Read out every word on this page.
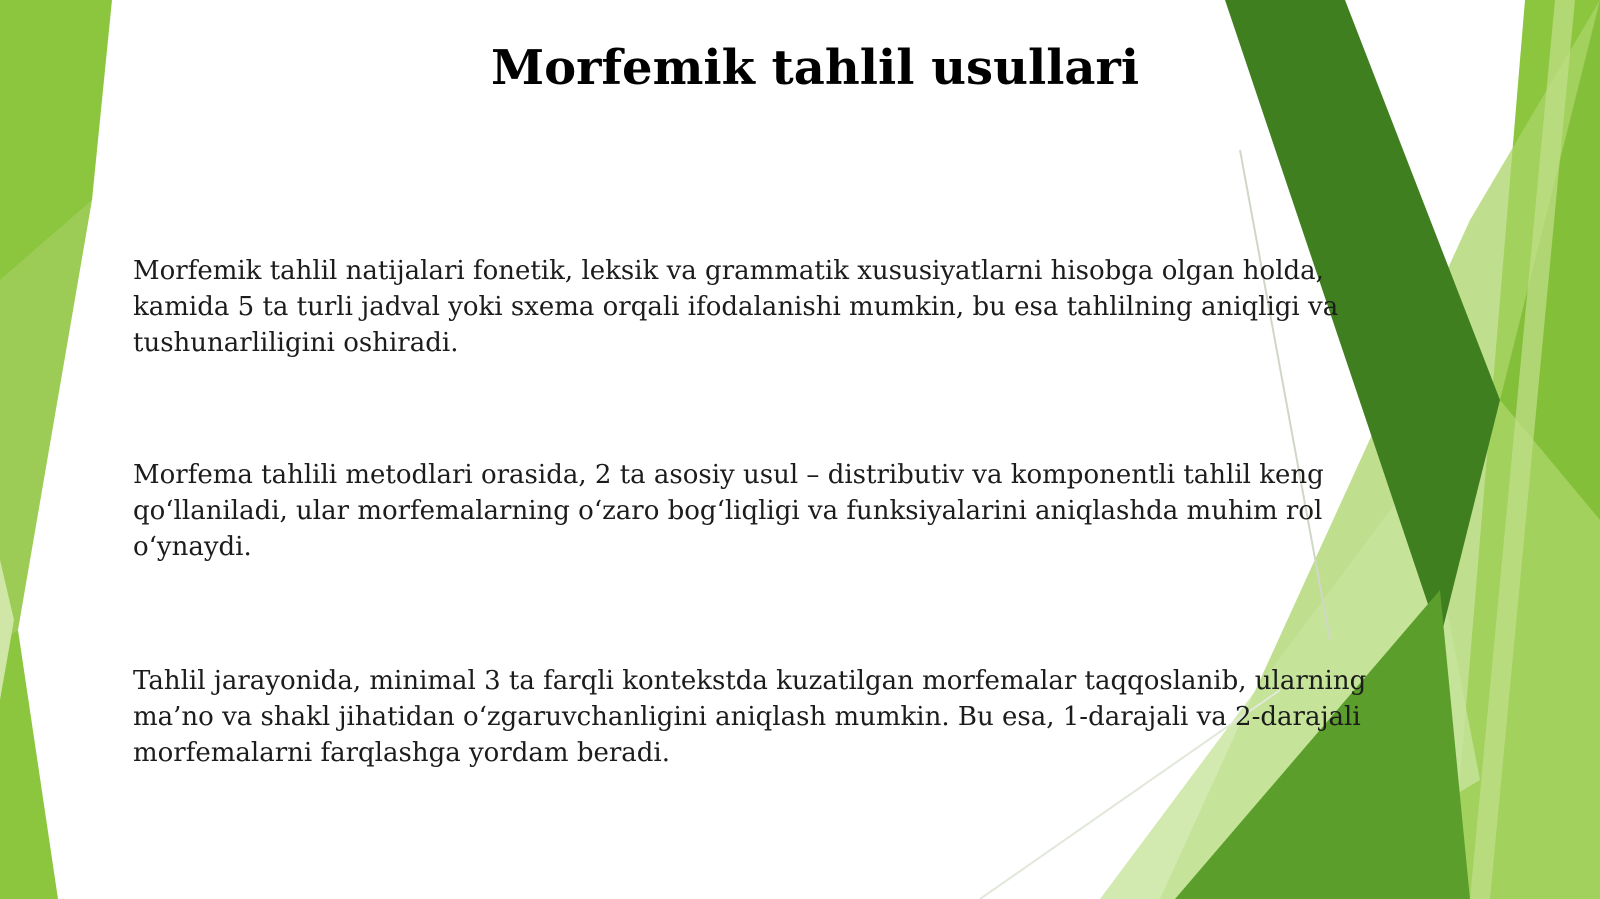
Morfemik tahlil usullari

Morfemik tahlil natijalari fonetik, leksik va grammatik xususiyatlarni hisobga olgan holda,
kamida 5 ta turli jadval yoki sxema orqali ifodalanishi mumkin, bu esa tahlilning aniqligi va
tushunarliligini oshiradi.

Morfema tahlili metodlari orasida, 2 ta asosiy usul – distributiv va komponentli tahlil keng
qo‘llaniladi, ular morfemalarning o‘zaro bog‘liqligi va funksiyalarini aniqlashda muhim rol
o‘ynaydi.

Tahlil jarayonida, minimal 3 ta farqli kontekstda kuzatilgan morfemalar taqqoslanib, ularning
ma’no va shakl jihatidan o‘zgaruvchanligini aniqlash mumkin. Bu esa, 1-darajali va 2-darajali
morfemalarni farqlashga yordam beradi.
